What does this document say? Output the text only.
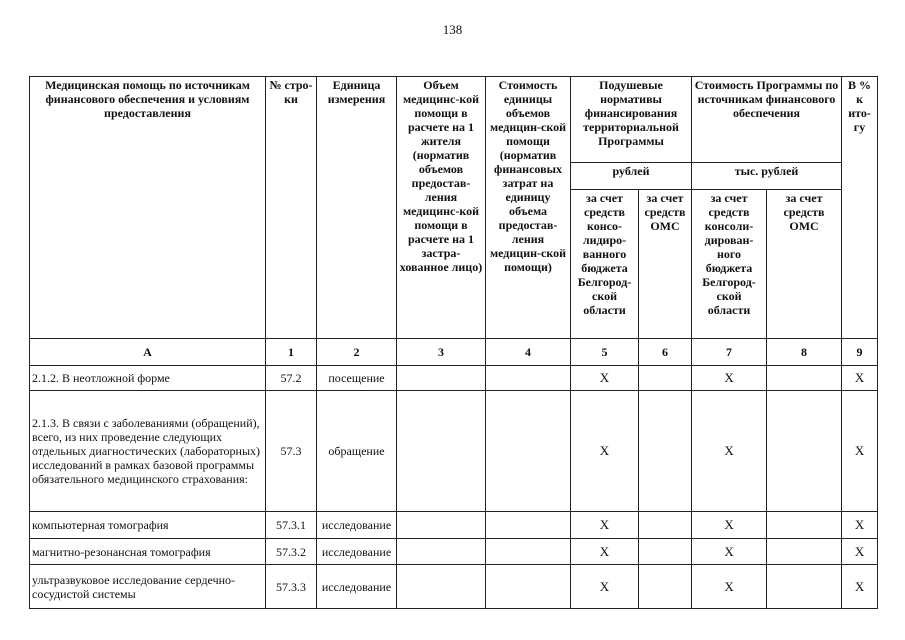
138
Медицинская помощь по источникам финансового обеспечения и условиям предоставления	№ стро-ки	Единица измерения	Объем медицинс-кой помощи в расчете на 1 жителя (норматив объемов предостав-ления медицинс-кой помощи в расчете на 1 застра-хованное лицо)	Стоимость единицы объемов медицин-ской помощи (норматив финансовых затрат на единицу объема предостав-ления медицин-ской помощи)	Подушевые нормативы финансирования территориальной Программы		Стоимость Программы по источникам финансового обеспечения		В % к ито-гу
					рублей		тыс. рублей		
					за счет средств консо-лидиро-ванного бюджета Белгород-ской области	за счет средств ОМС	за счет средств консоли-дирован-ного бюджета Белгород-ской области	за счет средств ОМС	
А	1	2	3	4	5	6	7	8	9
2.1.2. В неотложной форме	57.2	посещение			Х		Х		Х
2.1.3. В связи с заболеваниями (обращений), всего, из них проведение следующих отдельных диагностических (лабораторных) исследований в рамках базовой программы обязательного медицинского страхования:	57.3	обращение			Х		Х		Х
компьютерная томография	57.3.1	исследование			Х		Х		Х
магнитно-резонансная томография	57.3.2	исследование			Х		Х		Х
ультразвуковое исследование сердечно-сосудистой системы	57.3.3	исследование			Х		Х		Х
